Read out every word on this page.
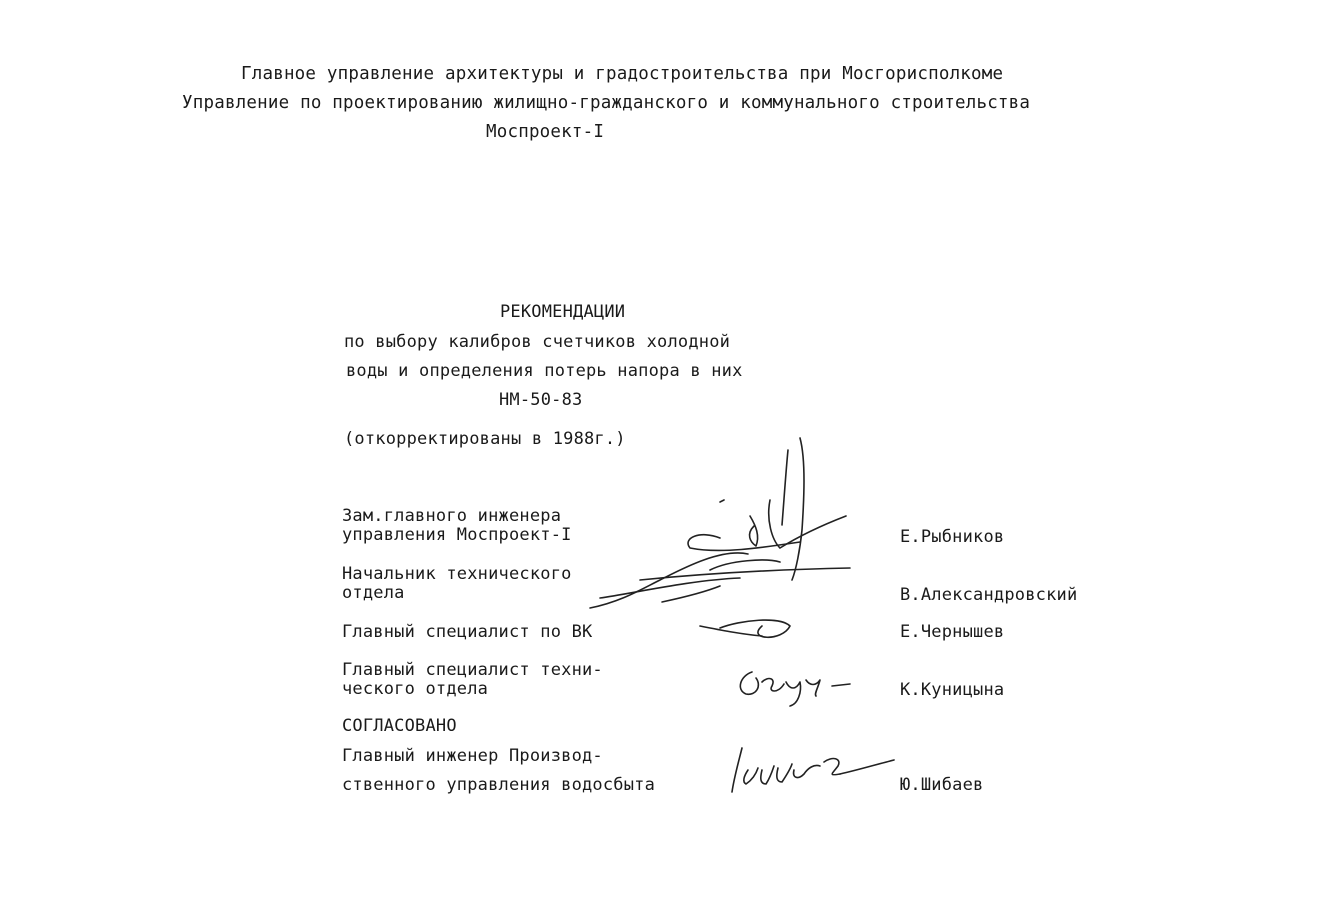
Главное управление архитектуры и градостроительства при Мосгорисполкоме
Управление по проектированию жилищно-гражданского и коммунального строительства
Моспроект-I
РЕКОМЕНДАЦИИ
по выбору калибров счетчиков холодной
воды и определения потерь напора в них
НМ-50-83
(откорректированы в 1988г.)
Зам.главного инженера
управления Моспроект-I	Е.Рыбников
Начальник технического
отдела	В.Александровский
Главный специалист по ВК	Е.Чернышев
Главный специалист техни-
ческого отдела	К.Куницына
СОГЛАСОВАНО
Главный инженер Производ-
ственного управления водосбыта	Ю.Шибаев
